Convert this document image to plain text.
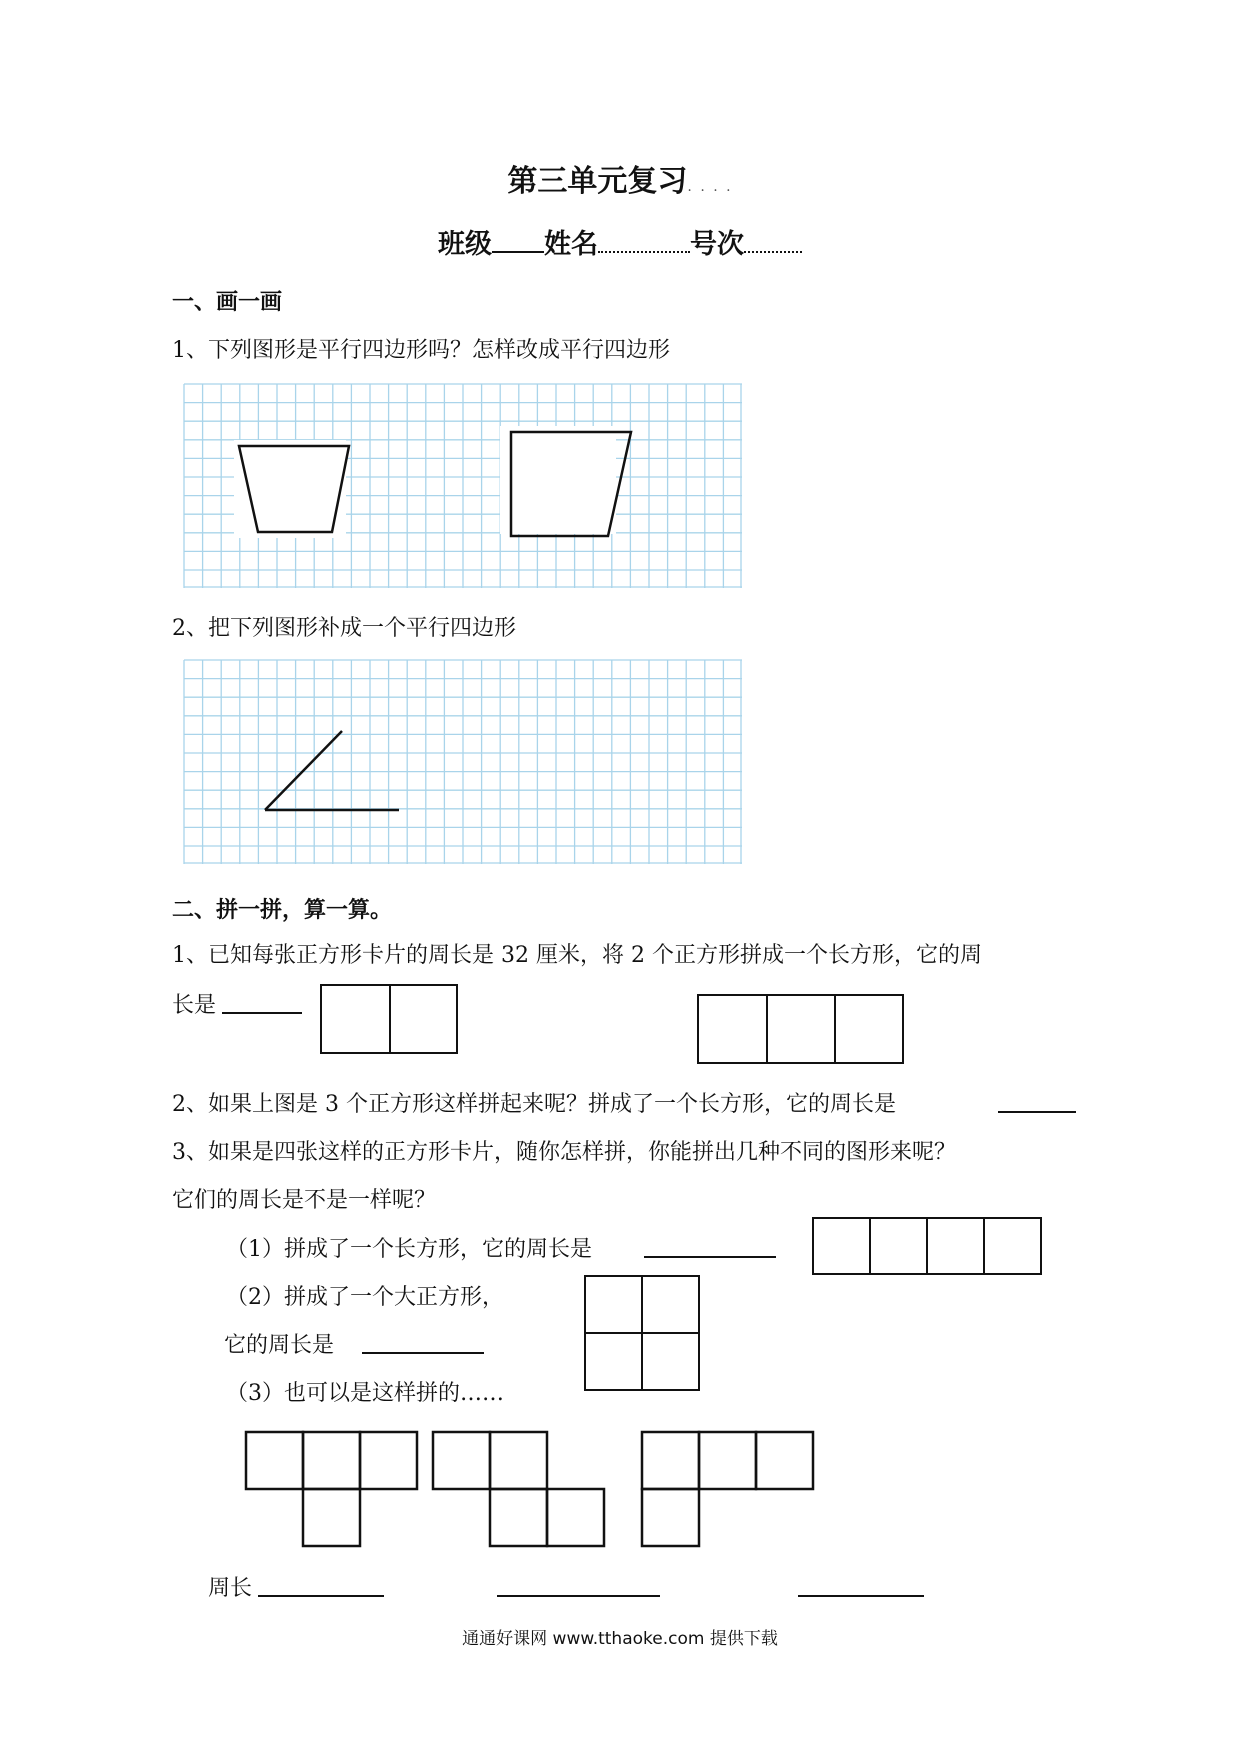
第三单元复习. . . .
班级 姓名	号次
一、画一画
1、下列图形是平行四边形吗？怎样改成平行四边形
2、把下列图形补成一个平行四边形
二、拼一拼，算一算。
1、已知每张正方形卡片的周长是 32 厘米，将 2 个正方形拼成一个长方形，它的周
长是
2、如果上图是 3 个正方形这样拼起来呢？拼成了一个长方形，它的周长是
3、如果是四张这样的正方形卡片，随你怎样拼，你能拼出几种不同的图形来呢？
它们的周长是不是一样呢？
（1）拼成了一个长方形，它的周长是
（2）拼成了一个大正方形，
它的周长是
（3）也可以是这样拼的……
周长
通通好课网 www.tthaoke.com 提供下载
